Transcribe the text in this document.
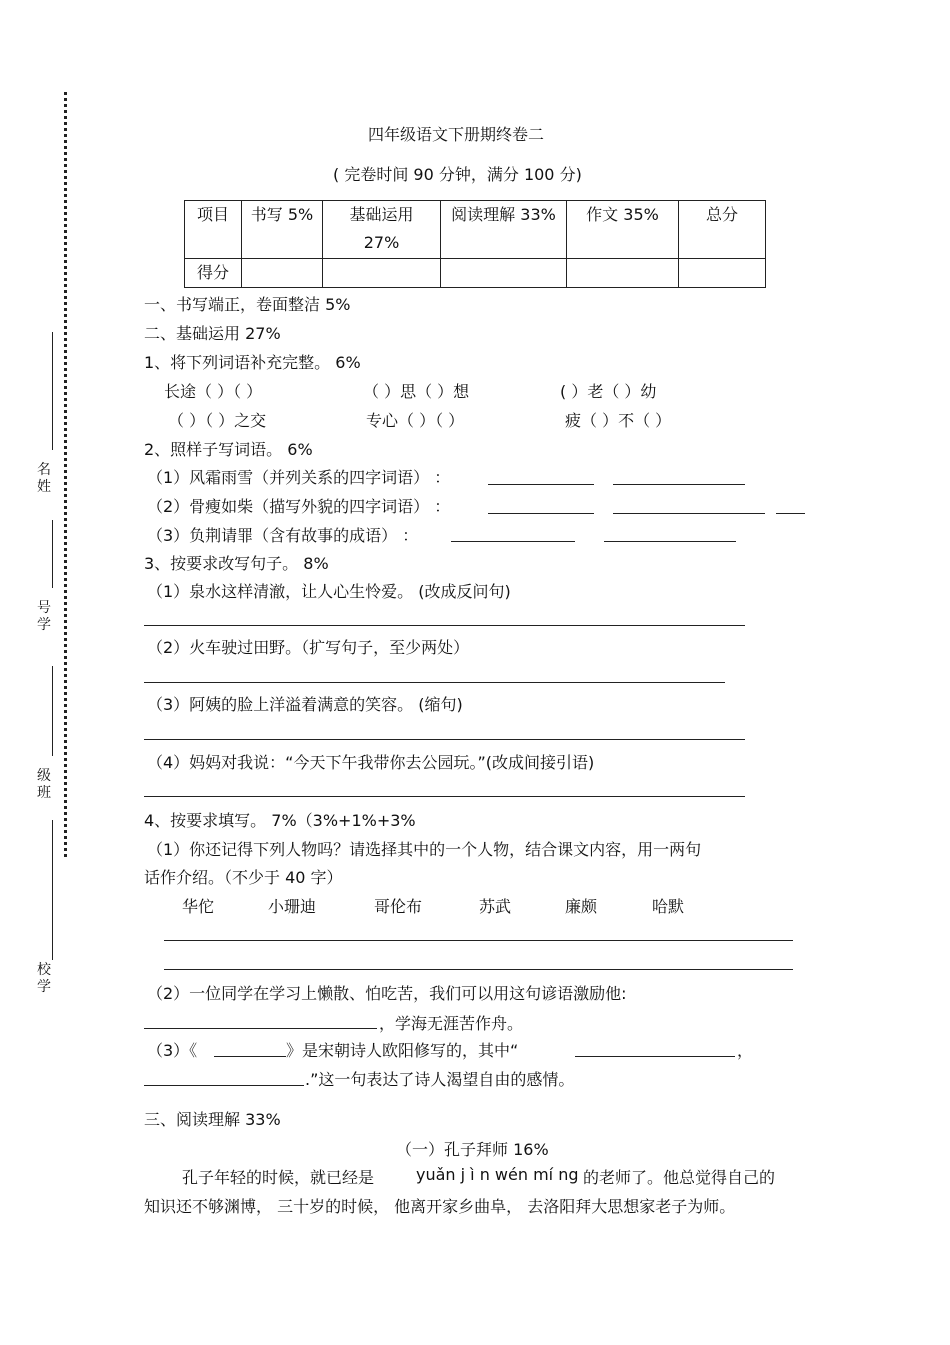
名姓
号学
级班
校学
四年级语文下册期终卷二
( 完卷时间 90 分钟，满分 100 分)
项目	书写 5%	基础运用
27%	阅读理解 33%	作文 35%	总分

得分					

一、书写端正，卷面整洁 5%
二、基础运用 27%
1、将下列词语补充完整。 6%
长途（ ）（ ）	（ ）思（ ）想	( ）老（ ）幼
（ ）（ ）之交	专心（ ）（ ）	疲（ ）不（ ）
2、照样子写词语。 6%
（1）风霜雨雪（并列关系的四字词语） ：
（2）骨瘦如柴（描写外貌的四字词语） ：
（3）负荆请罪（含有故事的成语） ：
3、按要求改写句子。 8%
（1）泉水这样清澈，让人心生怜爱。 (改成反问句)
（2）火车驶过田野。（扩写句子，至少两处）
（3）阿姨的脸上洋溢着满意的笑容。 (缩句)
（4）妈妈对我说：“今天下午我带你去公园玩。”(改成间接引语)
4、按要求填写。 7%（3%+1%+3%
（1）你还记得下列人物吗？请选择其中的一个人物，结合课文内容，用一两句
话作介绍。（不少于 40 字）
华佗	小珊迪	哥伦布	苏武	廉颇	哈默
（2）一位同学在学习上懒散、怕吃苦，我们可以用这句谚语激励他:
，学海无涯苦作舟。
（3）《	》是宋朝诗人欧阳修写的，其中“	，
.”这一句表达了诗人渴望自由的感情。
三、阅读理解 33%
（一）孔子拜师 16%
孔子年轻的时候，就已经是	yuǎn j ì n wén mí ng 的老师了。他总觉得自己的
知识还不够渊博， 三十岁的时候， 他离开家乡曲阜， 去洛阳拜大思想家老子为师。
